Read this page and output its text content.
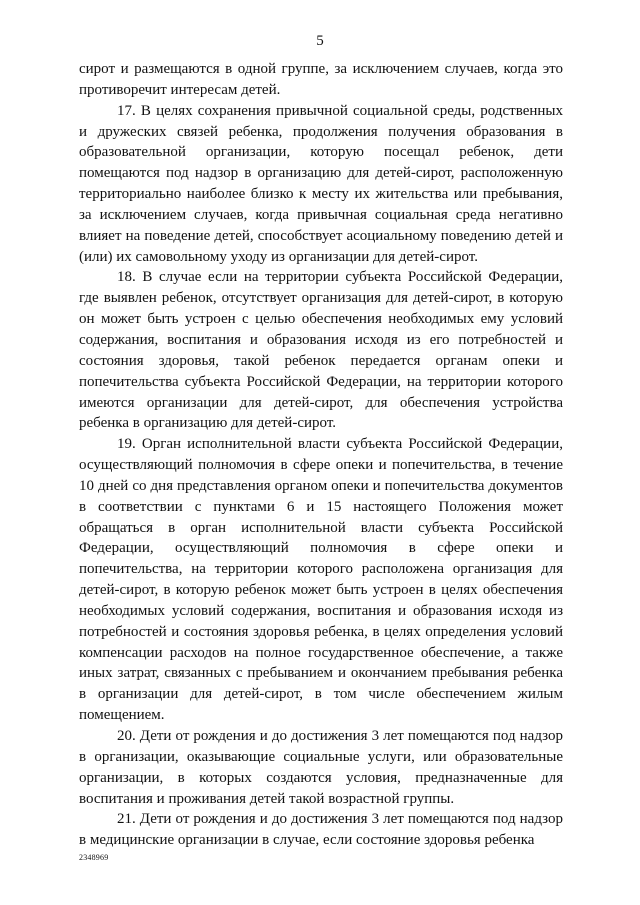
5

сирот и размещаются в одной группе, за исключением случаев, когда это противоречит интересам детей.

17. В целях сохранения привычной социальной среды, родственных и дружеских связей ребенка, продолжения получения образования в образовательной организации, которую посещал ребенок, дети помещаются под надзор в организацию для детей-сирот, расположенную территориально наиболее близко к месту их жительства или пребывания, за исключением случаев, когда привычная социальная среда негативно влияет на поведение детей, способствует асоциальному поведению детей и (или) их самовольному уходу из организации для детей-сирот.

18. В случае если на территории субъекта Российской Федерации, где выявлен ребенок, отсутствует организация для детей-сирот, в которую он может быть устроен с целью обеспечения необходимых ему условий содержания, воспитания и образования исходя из его потребностей и состояния здоровья, такой ребенок передается органам опеки и попечительства субъекта Российской Федерации, на территории которого имеются организации для детей-сирот, для обеспечения устройства ребенка в организацию для детей-сирот.

19. Орган исполнительной власти субъекта Российской Федерации, осуществляющий полномочия в сфере опеки и попечительства, в течение 10 дней со дня представления органом опеки и попечительства документов в соответствии с пунктами 6 и 15 настоящего Положения может обращаться в орган исполнительной власти субъекта Российской Федерации, осуществляющий полномочия в сфере опеки и попечительства, на территории которого расположена организация для детей-сирот, в которую ребенок может быть устроен в целях обеспечения необходимых условий содержания, воспитания и образования исходя из потребностей и состояния здоровья ребенка, в целях определения условий компенсации расходов на полное государственное обеспечение, а также иных затрат, связанных с пребыванием и окончанием пребывания ребенка в организации для детей-сирот, в том числе обеспечением жилым помещением.

20. Дети от рождения и до достижения 3 лет помещаются под надзор в организации, оказывающие социальные услуги, или образовательные организации, в которых создаются условия, предназначенные для воспитания и проживания детей такой возрастной группы.

21. Дети от рождения и до достижения 3 лет помещаются под надзор в медицинские организации в случае, если состояние здоровья ребенка

2348969
